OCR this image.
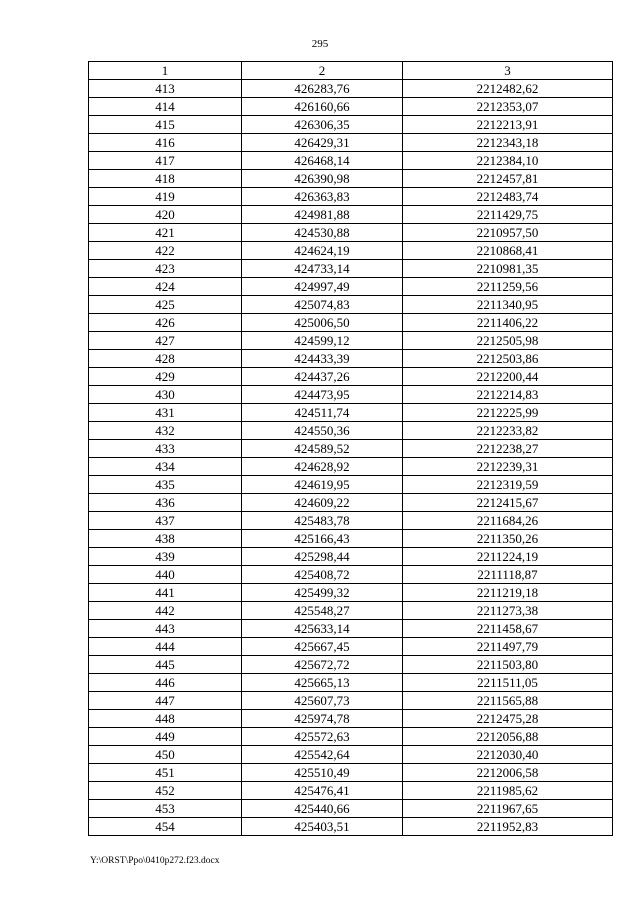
295
1	2	3
413	426283,76	2212482,62
414	426160,66	2212353,07
415	426306,35	2212213,91
416	426429,31	2212343,18
417	426468,14	2212384,10
418	426390,98	2212457,81
419	426363,83	2212483,74
420	424981,88	2211429,75
421	424530,88	2210957,50
422	424624,19	2210868,41
423	424733,14	2210981,35
424	424997,49	2211259,56
425	425074,83	2211340,95
426	425006,50	2211406,22
427	424599,12	2212505,98
428	424433,39	2212503,86
429	424437,26	2212200,44
430	424473,95	2212214,83
431	424511,74	2212225,99
432	424550,36	2212233,82
433	424589,52	2212238,27
434	424628,92	2212239,31
435	424619,95	2212319,59
436	424609,22	2212415,67
437	425483,78	2211684,26
438	425166,43	2211350,26
439	425298,44	2211224,19
440	425408,72	2211118,87
441	425499,32	2211219,18
442	425548,27	2211273,38
443	425633,14	2211458,67
444	425667,45	2211497,79
445	425672,72	2211503,80
446	425665,13	2211511,05
447	425607,73	2211565,88
448	425974,78	2212475,28
449	425572,63	2212056,88
450	425542,64	2212030,40
451	425510,49	2212006,58
452	425476,41	2211985,62
453	425440,66	2211967,65
454	425403,51	2211952,83
Y:\ORST\Ppo\0410p272.f23.docx
